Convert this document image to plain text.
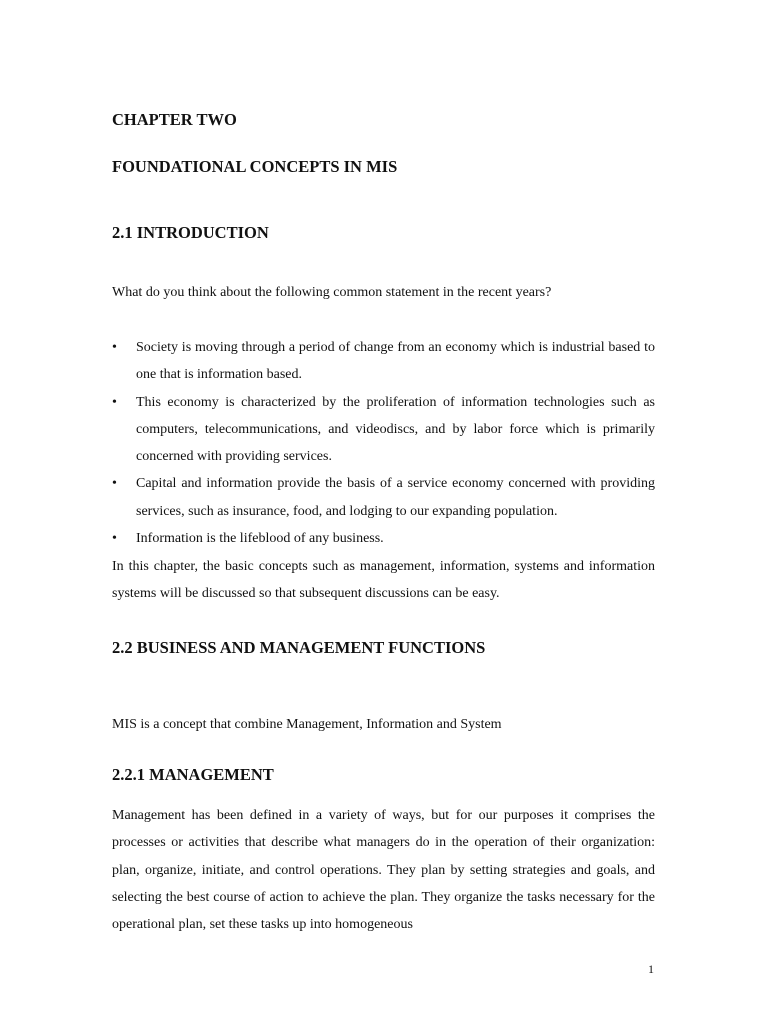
CHAPTER TWO
FOUNDATIONAL CONCEPTS IN MIS
2.1 INTRODUCTION

What do you think about the following common statement in the recent years?

• Society is moving through a period of change from an economy which is industrial based to one that is information based.
• This economy is characterized by the proliferation of information technologies such as computers, telecommunications, and videodiscs, and by labor force which is primarily concerned with providing services.
• Capital and information provide the basis of a service economy concerned with providing services, such as insurance, food, and lodging to our expanding population.
• Information is the lifeblood of any business.

In this chapter, the basic concepts such as management, information, systems and information systems will be discussed so that subsequent discussions can be easy.

2.2 BUSINESS AND MANAGEMENT FUNCTIONS

MIS is a concept that combine Management, Information and System

2.2.1 MANAGEMENT

Management has been defined in a variety of ways, but for our purposes it comprises the processes or activities that describe what managers do in the operation of their organization: plan, organize, initiate, and control operations. They plan by setting strategies and goals, and selecting the best course of action to achieve the plan. They organize the tasks necessary for the operational plan, set these tasks up into homogeneous

1
